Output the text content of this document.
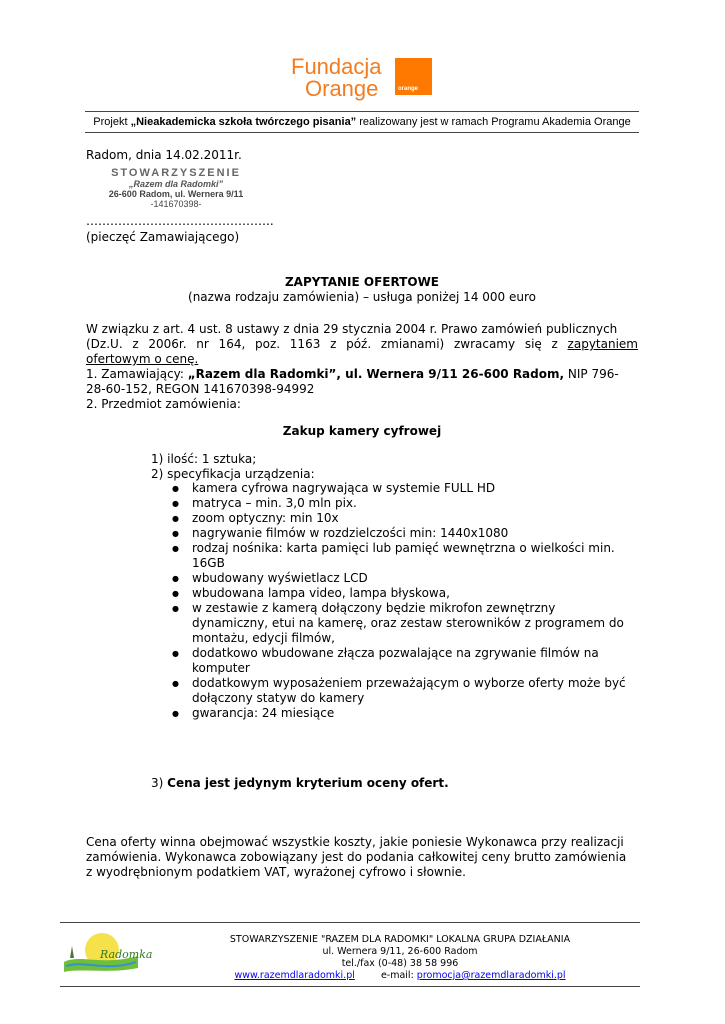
Fundacja
Orange	orange
Projekt „Nieakademicka szkoła twórczego pisania” realizowany jest w ramach Programu Akademia Orange
Radom, dnia 14.02.2011r.
STOWARZYSZENIE
„Razem dla Radomki”
26-600 Radom, ul. Wernera 9/11
-141670398-
………………………………………..
(pieczęć Zamawiającego)
ZAPYTANIE OFERTOWE
(nazwa rodzaju zamówienia) – usługa poniżej 14 000 euro
W związku z art. 4 ust. 8 ustawy z dnia 29 stycznia 2004 r. Prawo zamówień publicznych
(Dz.U. z 2006r. nr 164, poz. 1163 z póź. zmianami) zwracamy się z zapytaniem
ofertowym o cenę.
1. Zamawiający: „Razem dla Radomki”, ul. Wernera 9/11 26-600 Radom, NIP 796-
28-60-152, REGON 141670398-94992
2. Przedmiot zamówienia:
Zakup kamery cyfrowej
1) ilość: 1 sztuka;
2) specyfikacja urządzenia:
● kamera cyfrowa nagrywająca w systemie FULL HD
● matryca – min. 3,0 mln pix.
● zoom optyczny: min 10x
● nagrywanie filmów w rozdzielczości min: 1440x1080
● rodzaj nośnika: karta pamięci lub pamięć wewnętrzna o wielkości min.
16GB
● wbudowany wyświetlacz LCD
● wbudowana lampa video, lampa błyskowa,
● w zestawie z kamerą dołączony będzie mikrofon zewnętrzny
dynamiczny, etui na kamerę, oraz zestaw sterowników z programem do
montażu, edycji filmów,
● dodatkowo wbudowane złącza pozwalające na zgrywanie filmów na
komputer
● dodatkowym wyposażeniem przeważającym o wyborze oferty może być
dołączony statyw do kamery
● gwarancja: 24 miesiące
3) Cena jest jedynym kryterium oceny ofert.
Cena oferty winna obejmować wszystkie koszty, jakie poniesie Wykonawca przy realizacji
zamówienia. Wykonawca zobowiązany jest do podania całkowitej ceny brutto zamówienia
z wyodrębnionym podatkiem VAT, wyrażonej cyfrowo i słownie.
Radomka
STOWARZYSZENIE "RAZEM DLA RADOMKI" LOKALNA GRUPA DZIAŁANIA
ul. Wernera 9/11, 26-600 Radom
tel./fax (0-48) 38 58 996
www.razemdlaradomki.pl	e-mail: promocja@razemdlaradomki.pl
